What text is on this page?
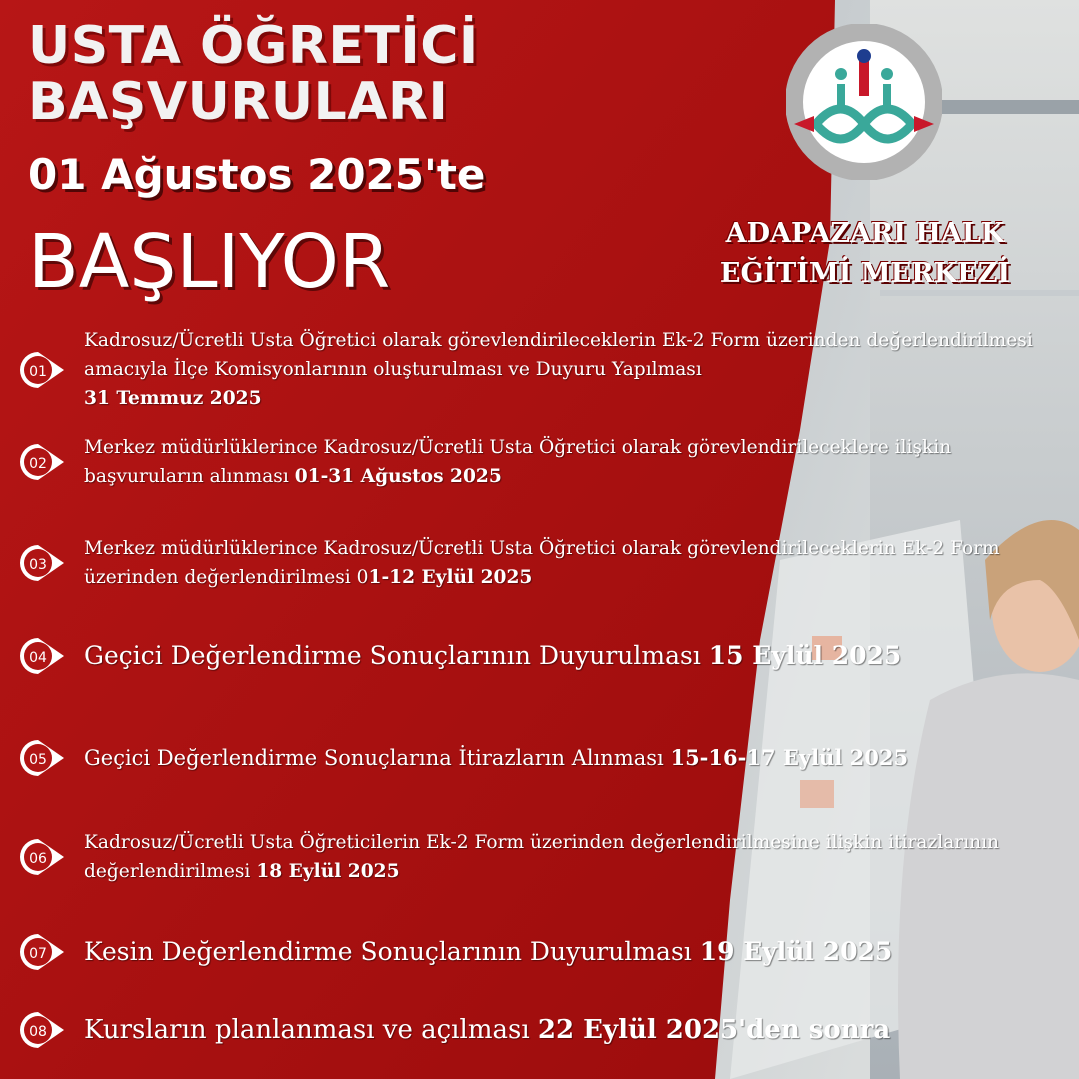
USTA ÖĞRETİCİ
BAŞVURULARI
01 Ağustos 2025'te
BAŞLIYOR	ADAPAZARI HALK
EĞİTİMİ MERKEZİ
01
Kadrosuz/Ücretli Usta Öğretici olarak görevlendirileceklerin Ek-2 Form üzerinden değerlendirilmesi amacıyla İlçe Komisyonlarının oluşturulması ve Duyuru Yapılması
31 Temmuz 2025
02
Merkez müdürlüklerince Kadrosuz/Ücretli Usta Öğretici olarak görevlendirileceklere ilişkin başvuruların alınması 01-31 Ağustos 2025
03
Merkez müdürlüklerince Kadrosuz/Ücretli Usta Öğretici olarak görevlendirileceklerin Ek-2 Form üzerinden değerlendirilmesi 01-12 Eylül 2025
04 Geçici Değerlendirme Sonuçlarının Duyurulması 15 Eylül 2025
05 Geçici Değerlendirme Sonuçlarına İtirazların Alınması 15-16-17 Eylül 2025
06
Kadrosuz/Ücretli Usta Öğreticilerin Ek-2 Form üzerinden değerlendirilmesine ilişkin itirazlarının değerlendirilmesi 18 Eylül 2025
07 Kesin Değerlendirme Sonuçlarının Duyurulması 19 Eylül 2025
08 Kursların planlanması ve açılması 22 Eylül 2025'den sonra
